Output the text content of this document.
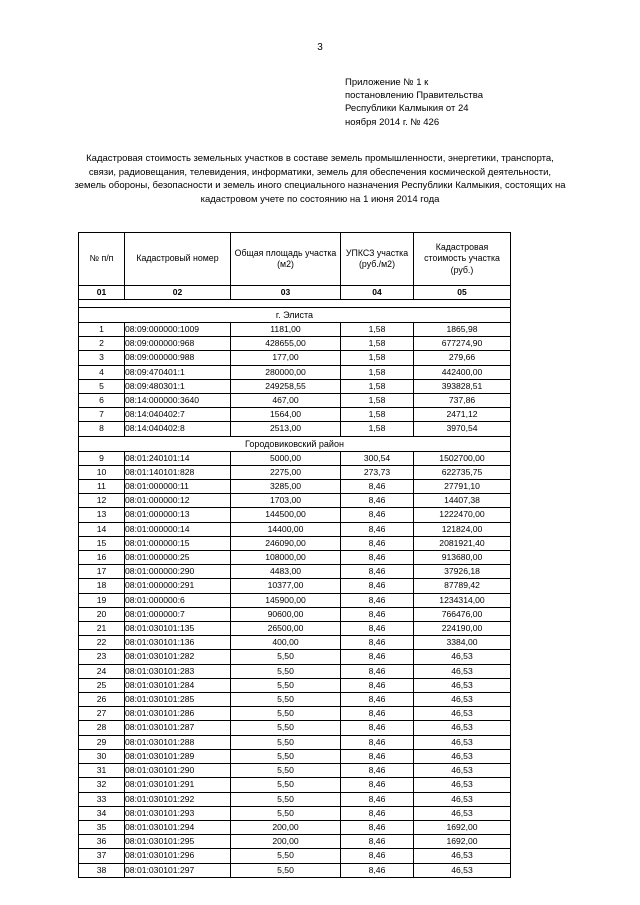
3
Приложение № 1 к
постановлению Правительства
Республики Калмыкия от 24
ноября 2014 г. № 426
Кадастровая стоимость земельных участков в составе земель промышленности, энергетики, транспорта, связи, радиовещания, телевидения, информатики, земель для обеспечения космической деятельности, земель обороны, безопасности и земель иного специального назначения Республики Калмыкия, состоящих на кадастровом учете по состоянию на 1 июня 2014 года
№ п/п	Кадастровый номер	Общая площадь участка (м2)	УПКСЗ участка (руб./м2)	Кадастровая стоимость участка (руб.)
01	02	03	04	05

г. Элиста				
1	08:09:000000:1009	1181,00	1,58	1865,98
2	08:09:000000:968	428655,00	1,58	677274,90
3	08:09:000000:988	177,00	1,58	279,66
4	08:09:470401:1	280000,00	1,58	442400,00
5	08:09:480301:1	249258,55	1,58	393828,51
6	08:14:000000:3640	467,00	1,58	737,86
7	08:14:040402:7	1564,00	1,58	2471,12
8	08:14:040402:8	2513,00	1,58	3970,54
Городовиковский район				
9	08:01:240101:14	5000,00	300,54	1502700,00
10	08:01:140101:828	2275,00	273,73	622735,75
11	08:01:000000:11	3285,00	8,46	27791,10
12	08:01:000000:12	1703,00	8,46	14407,38
13	08:01:000000:13	144500,00	8,46	1222470,00
14	08:01:000000:14	14400,00	8,46	121824,00
15	08:01:000000:15	246090,00	8,46	2081921,40
16	08:01:000000:25	108000,00	8,46	913680,00
17	08:01:000000:290	4483,00	8,46	37926,18
18	08:01:000000:291	10377,00	8,46	87789,42
19	08:01:000000:6	145900,00	8,46	1234314,00
20	08:01:000000:7	90600,00	8,46	766476,00
21	08:01:030101:135	26500,00	8,46	224190,00
22	08:01:030101:136	400,00	8,46	3384,00
23	08:01:030101:282	5,50	8,46	46,53
24	08:01:030101:283	5,50	8,46	46,53
25	08:01:030101:284	5,50	8,46	46,53
26	08:01:030101:285	5,50	8,46	46,53
27	08:01:030101:286	5,50	8,46	46,53
28	08:01:030101:287	5,50	8,46	46,53
29	08:01:030101:288	5,50	8,46	46,53
30	08:01:030101:289	5,50	8,46	46,53
31	08:01:030101:290	5,50	8,46	46,53
32	08:01:030101:291	5,50	8,46	46,53
33	08:01:030101:292	5,50	8,46	46,53
34	08:01:030101:293	5,50	8,46	46,53
35	08:01:030101:294	200,00	8,46	1692,00
36	08:01:030101:295	200,00	8,46	1692,00
37	08:01:030101:296	5,50	8,46	46,53
38	08:01:030101:297	5,50	8,46	46,53
